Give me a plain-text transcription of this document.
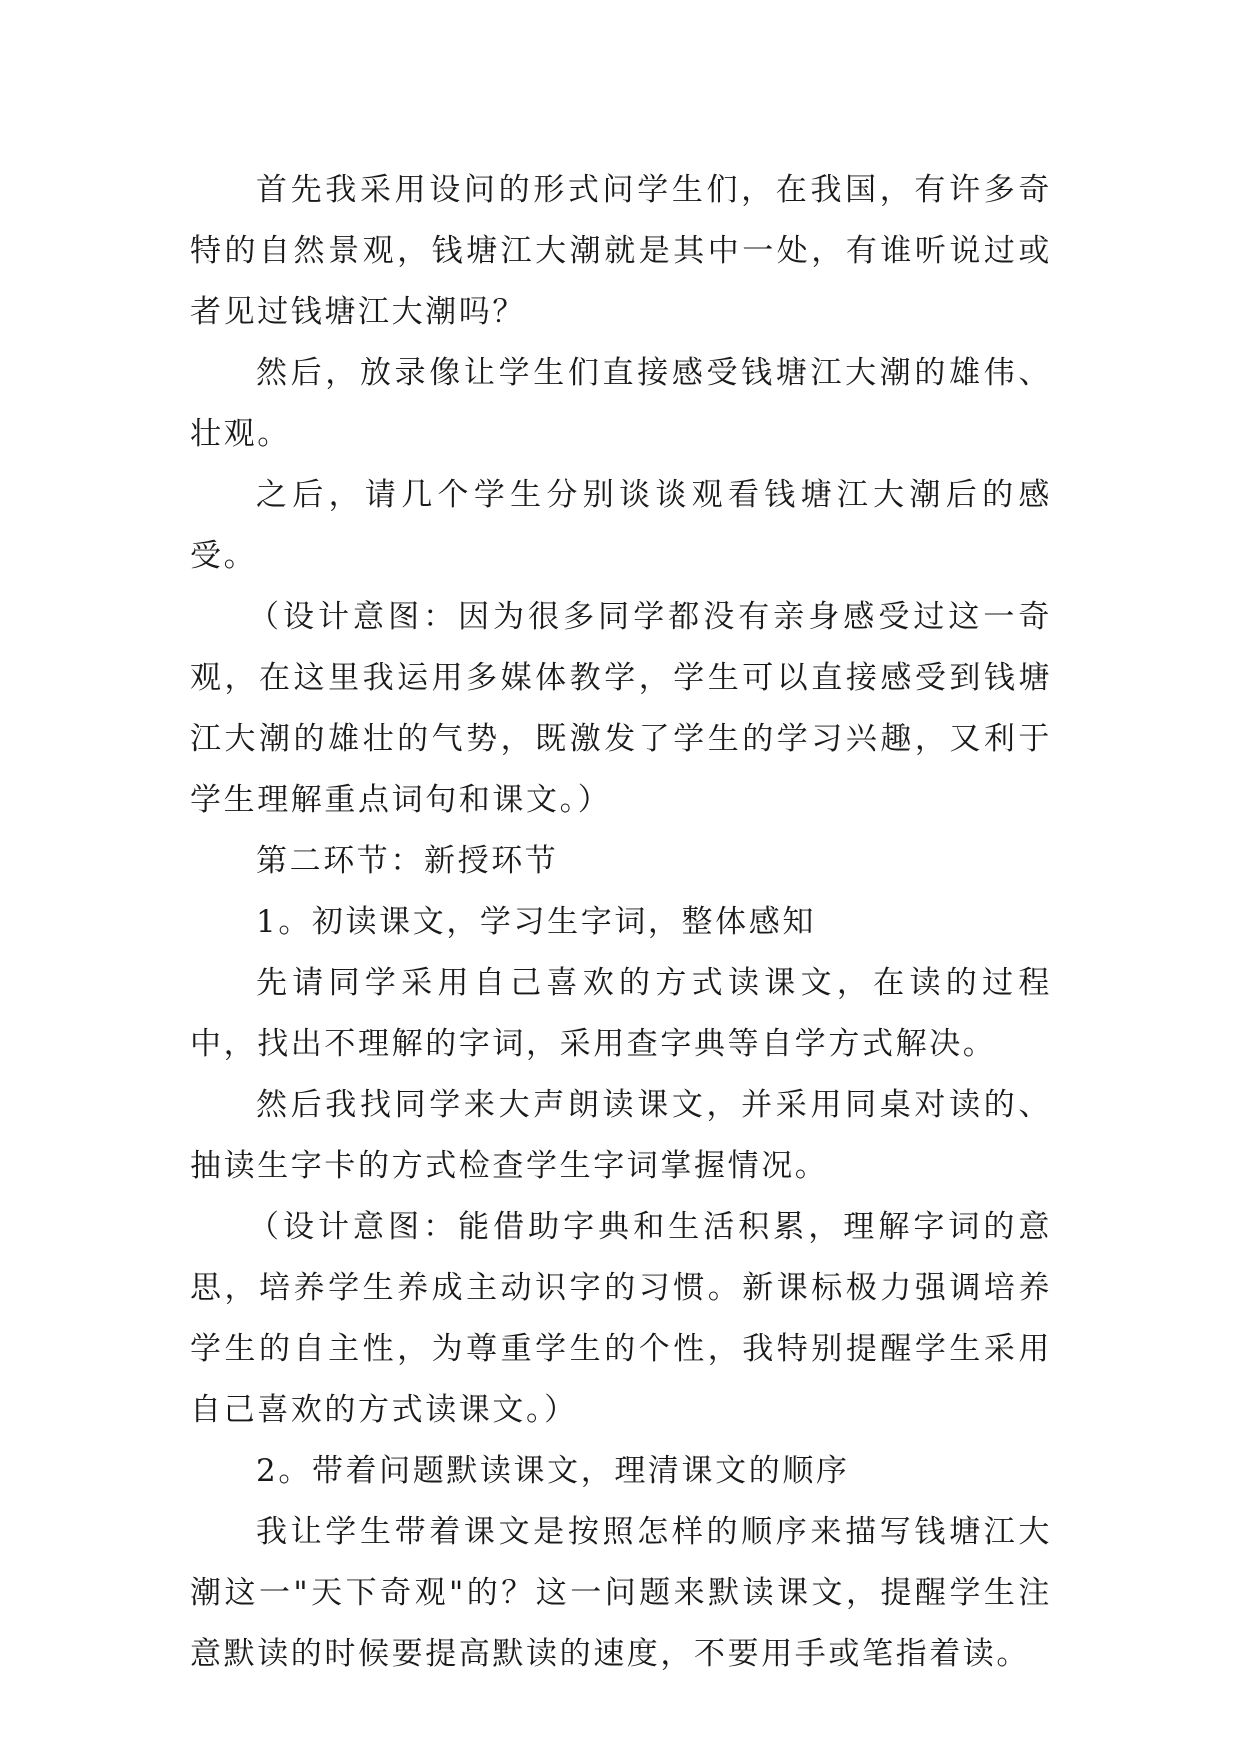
首先我采用设问的形式问学生们，在我国，有许多奇特的自然景观，钱塘江大潮就是其中一处，有谁听说过或者见过钱塘江大潮吗？

然后，放录像让学生们直接感受钱塘江大潮的雄伟、壮观。

之后，请几个学生分别谈谈观看钱塘江大潮后的感受。

（设计意图：因为很多同学都没有亲身感受过这一奇观，在这里我运用多媒体教学，学生可以直接感受到钱塘江大潮的雄壮的气势，既激发了学生的学习兴趣，又利于学生理解重点词句和课文。）

第二环节：新授环节

1。初读课文，学习生字词，整体感知

先请同学采用自己喜欢的方式读课文，在读的过程中，找出不理解的字词，采用查字典等自学方式解决。

然后我找同学来大声朗读课文，并采用同桌对读的、抽读生字卡的方式检查学生字词掌握情况。

（设计意图：能借助字典和生活积累，理解字词的意思，培养学生养成主动识字的习惯。新课标极力强调培养学生的自主性，为尊重学生的个性，我特别提醒学生采用自己喜欢的方式读课文。）

2。带着问题默读课文，理清课文的顺序

我让学生带着课文是按照怎样的顺序来描写钱塘江大潮这一"天下奇观"的？这一问题来默读课文，提醒学生注意默读的时候要提高默读的速度，不要用手或笔指着读。
